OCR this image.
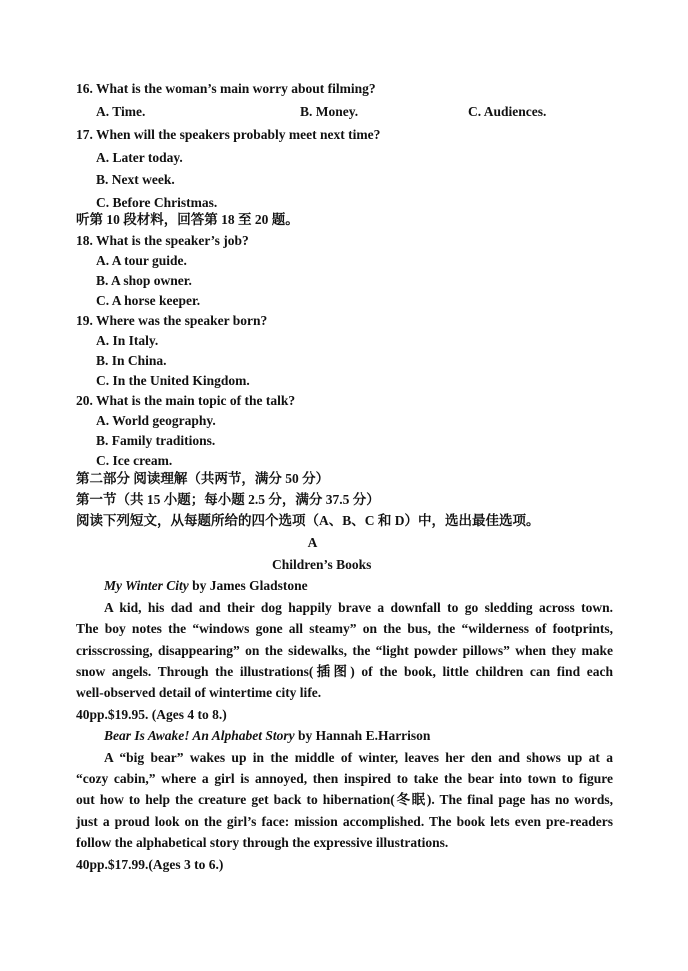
16. What is the woman’s main worry about filming?
A. Time.	B. Money.	C. Audiences.
17. When will the speakers probably meet next time?
A. Later today.
B. Next week.
C. Before Christmas.
听第 10 段材料，回答第 18 至 20 题。
18. What is the speaker’s job?
A. A tour guide.
B. A shop owner.
C. A horse keeper.
19. Where was the speaker born?
A. In Italy.
B. In China.
C. In the United Kingdom.
20. What is the main topic of the talk?
A. World geography.
B. Family traditions.
C. Ice cream.
第二部分 阅读理解（共两节，满分 50 分）
第一节（共 15 小题；每小题 2.5 分，满分 37.5 分）
阅读下列短文，从每题所给的四个选项（A、B、C 和 D）中，选出最佳选项。
A
Children’s Books
My Winter City by James Gladstone
A kid, his dad and their dog happily brave a downfall to go sledding across town.
The boy notes the “windows gone all steamy” on the bus, the “wilderness of footprints,
crisscrossing, disappearing” on the sidewalks, the “light powder pillows” when they make
snow angels. Through the illustrations(插图) of the book, little children can find each
well-observed detail of wintertime city life.
40pp.$19.95. (Ages 4 to 8.)
Bear Is Awake! An Alphabet Story by Hannah E.Harrison
A “big bear” wakes up in the middle of winter, leaves her den and shows up at a
“cozy cabin,” where a girl is annoyed, then inspired to take the bear into town to figure
out how to help the creature get back to hibernation(冬眠). The final page has no words,
just a proud look on the girl’s face: mission accomplished. The book lets even pre-readers
follow the alphabetical story through the expressive illustrations.
40pp.$17.99.(Ages 3 to 6.)
